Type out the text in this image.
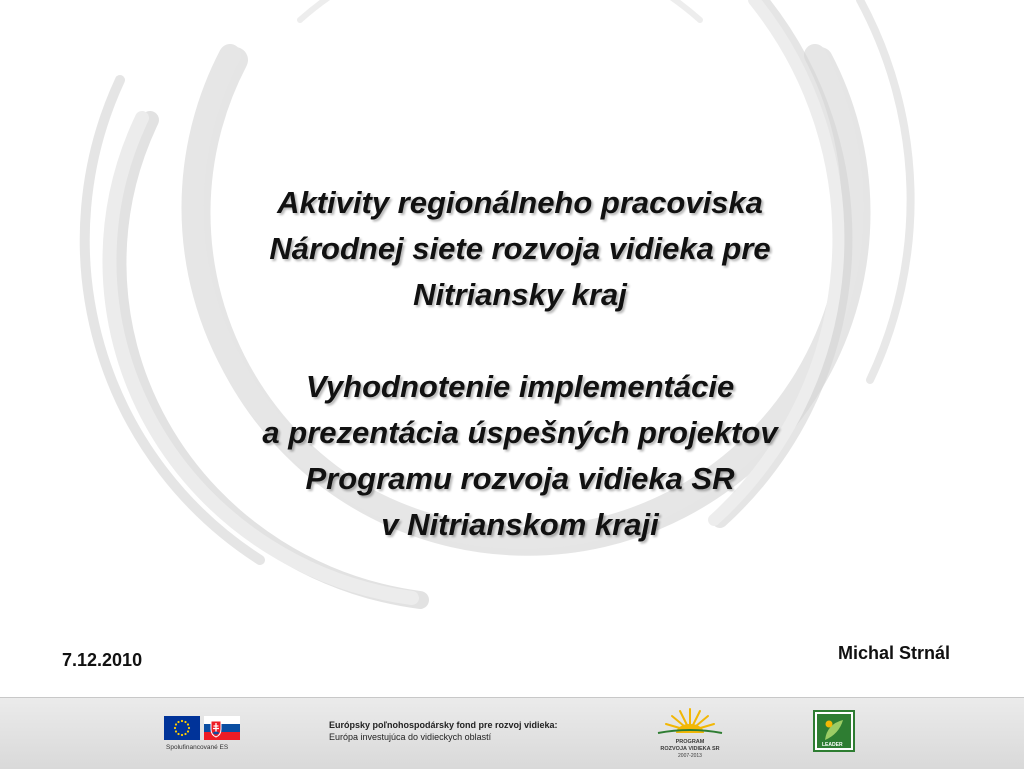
Aktivity regionálneho pracoviska
Národnej siete rozvoja vidieka pre
Nitriansky kraj
Vyhodnotenie implementácie
a prezentácia úspešných projektov
Programu rozvoja vidieka SR
v Nitrianskom kraji
7.12.2010	Michal Strnál
Spolufinancované ES
Európsky poľnohospodársky fond pre rozvoj vidieka:
Európa investujúca do vidieckych oblastí	PROGRAM
ROZVOJA VIDIEKA SR
2007-2013
LEADER
